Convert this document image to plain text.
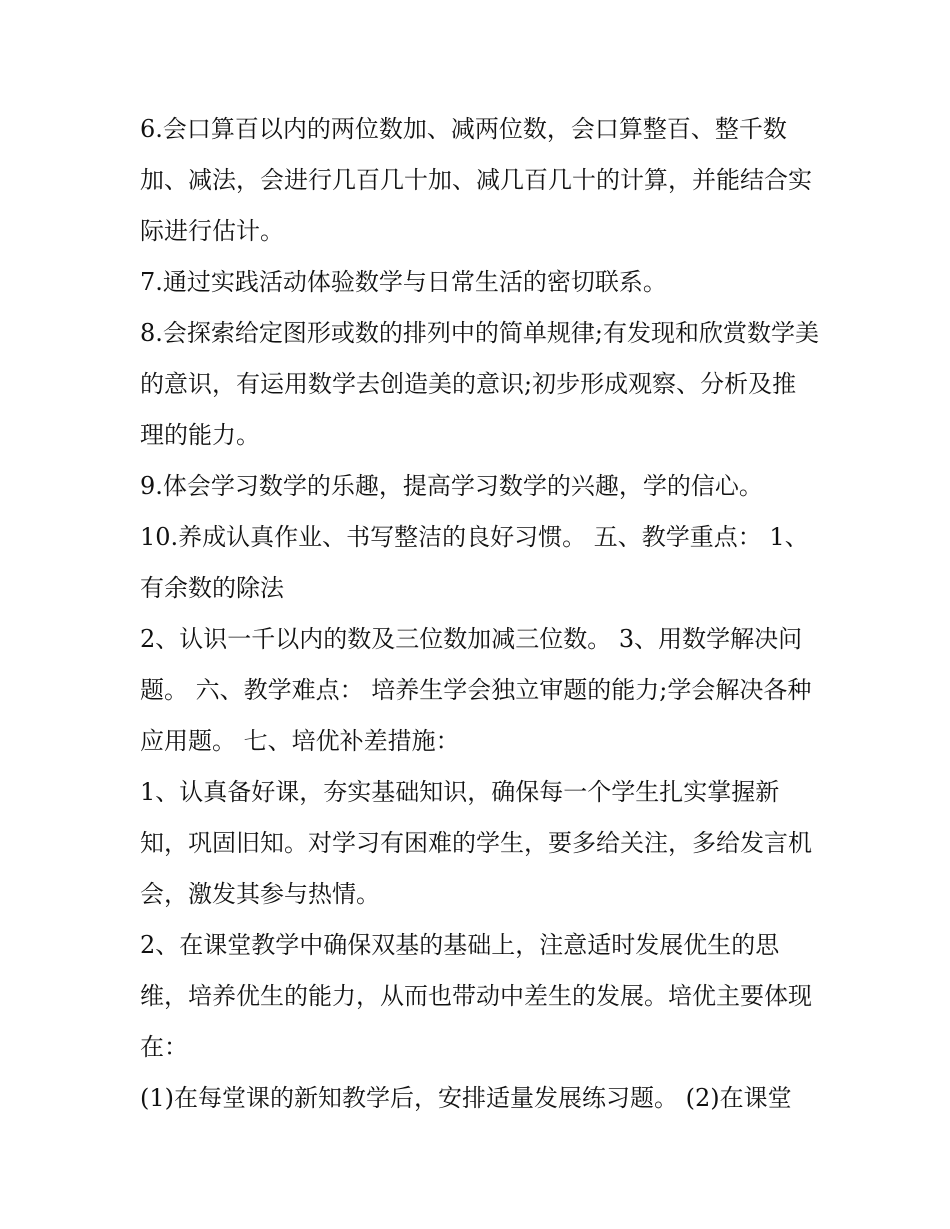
6.会口算百以内的两位数加、减两位数，会口算整百、整千数加、减法，会进行几百几十加、减几百几十的计算，并能结合实际进行估计。

7.通过实践活动体验数学与日常生活的密切联系。

8.会探索给定图形或数的排列中的简单规律;有发现和欣赏数学美的意识，有运用数学去创造美的意识;初步形成观察、分析及推理的能力。

9.体会学习数学的乐趣，提高学习数学的兴趣，学的信心。

10.养成认真作业、书写整洁的良好习惯。 五、教学重点： 1、有余数的除法

2、认识一千以内的数及三位数加减三位数。 3、用数学解决问题。 六、教学难点： 培养生学会独立审题的能力;学会解决各种应用题。 七、培优补差措施：

1、认真备好课，夯实基础知识，确保每一个学生扎实掌握新知，巩固旧知。对学习有困难的学生，要多给关注，多给发言机会，激发其参与热情。

2、在课堂教学中确保双基的基础上，注意适时发展优生的思维，培养优生的能力，从而也带动中差生的发展。培优主要体现在：

(1)在每堂课的新知教学后，安排适量发展练习题。 (2)在课堂
